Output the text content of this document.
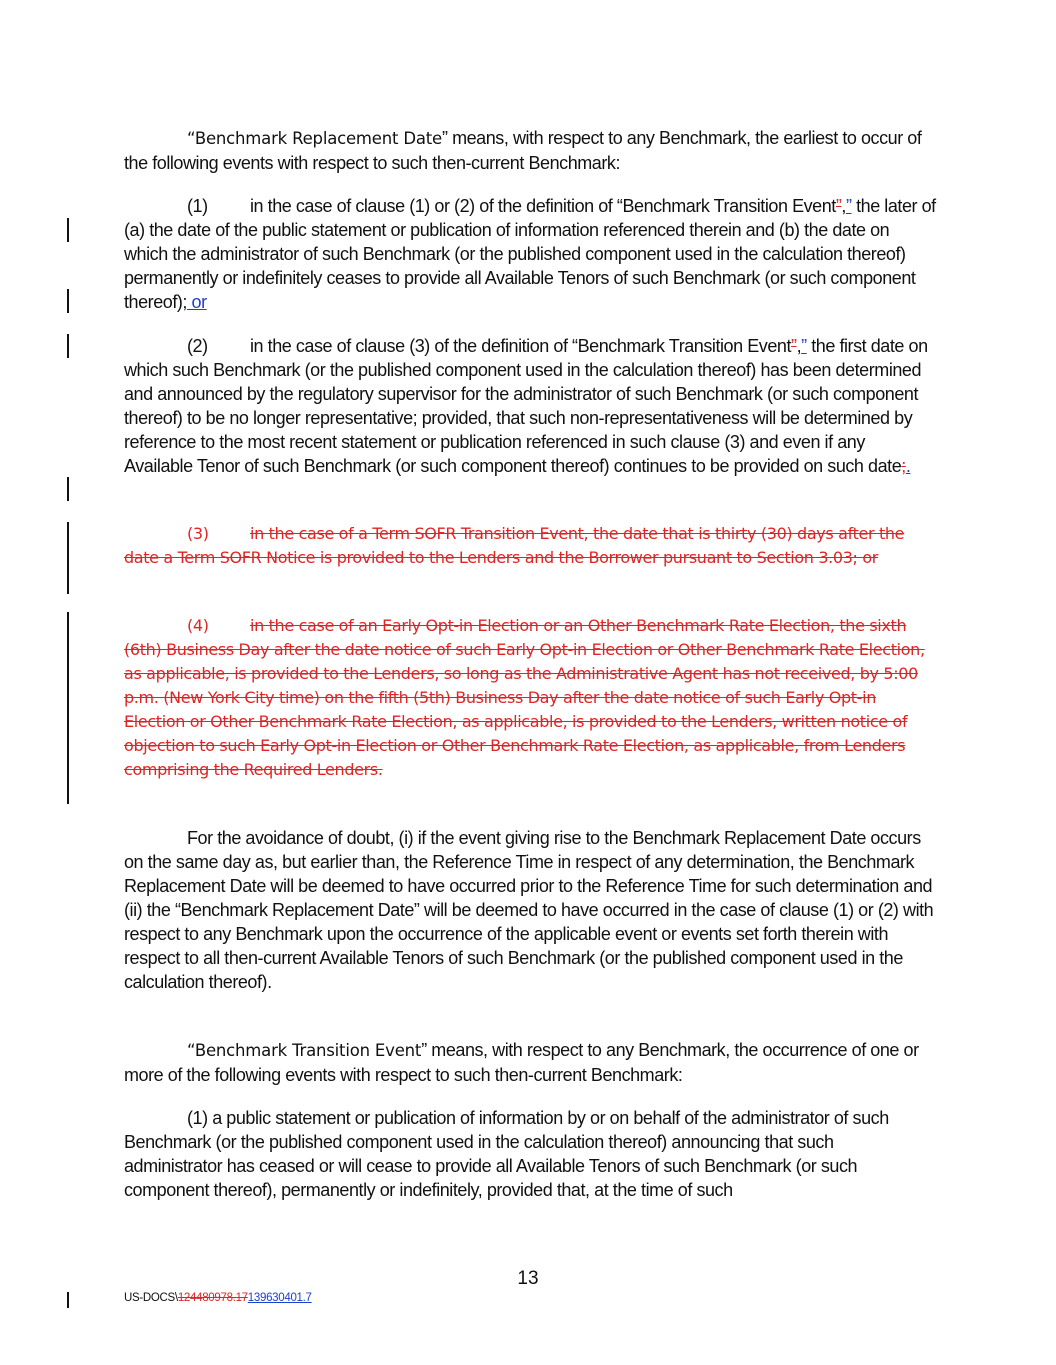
“Benchmark Replacement Date” means, with respect to any Benchmark, the earliest to occur of the following events with respect to such then-current Benchmark:

(1) in the case of clause (1) or (2) of the definition of “Benchmark Transition Event”,” the later of (a) the date of the public statement or publication of information referenced therein and (b) the date on which the administrator of such Benchmark (or the published component used in the calculation thereof) permanently or indefinitely ceases to provide all Available Tenors of such Benchmark (or such component thereof); or

(2) in the case of clause (3) of the definition of “Benchmark Transition Event”,” the first date on which such Benchmark (or the published component used in the calculation thereof) has been determined and announced by the regulatory supervisor for the administrator of such Benchmark (or such component thereof) to be no longer representative; provided, that such non-representativeness will be determined by reference to the most recent statement or publication referenced in such clause (3) and even if any Available Tenor of such Benchmark (or such component thereof) continues to be provided on such date;.

(3)	in the case of a Term SOFR Transition Event, the date that is thirty (30) days after the date a Term SOFR Notice is provided to the Lenders and the Borrower pursuant to Section 3.03; or

(4)	in the case of an Early Opt-in Election or an Other Benchmark Rate Election, the sixth (6th) Business Day after the date notice of such Early Opt-in Election or Other Benchmark Rate Election, as applicable, is provided to the Lenders, so long as the Administrative Agent has not received, by 5:00 p.m. (New York City time) on the fifth (5th) Business Day after the date notice of such Early Opt-in Election or Other Benchmark Rate Election, as applicable, is provided to the Lenders, written notice of objection to such Early Opt-in Election or Other Benchmark Rate Election, as applicable, from Lenders comprising the Required Lenders.

For the avoidance of doubt, (i) if the event giving rise to the Benchmark Replacement Date occurs on the same day as, but earlier than, the Reference Time in respect of any determination, the Benchmark Replacement Date will be deemed to have occurred prior to the Reference Time for such determination and (ii) the “Benchmark Replacement Date” will be deemed to have occurred in the case of clause (1) or (2) with respect to any Benchmark upon the occurrence of the applicable event or events set forth therein with respect to all then-current Available Tenors of such Benchmark (or the published component used in the calculation thereof).

“Benchmark Transition Event” means, with respect to any Benchmark, the occurrence of one or more of the following events with respect to such then-current Benchmark:

(1) a public statement or publication of information by or on behalf of the administrator of such Benchmark (or the published component used in the calculation thereof) announcing that such administrator has ceased or will cease to provide all Available Tenors of such Benchmark (or such component thereof), permanently or indefinitely, provided that, at the time of such

13
US-DOCS\124480978.17139630401.7
